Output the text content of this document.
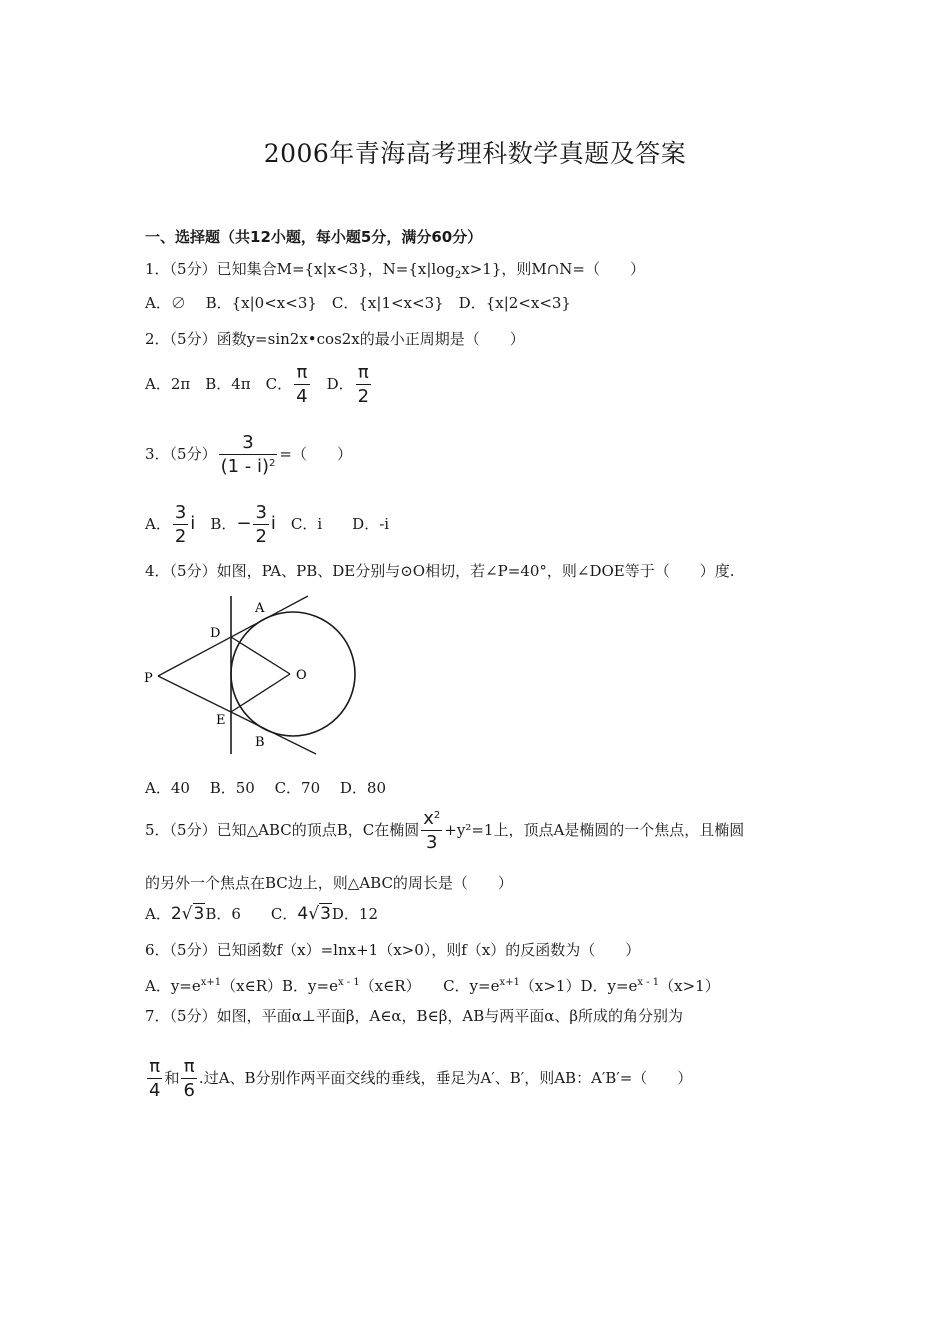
2006年青海高考理科数学真题及答案
一、选择题（共12小题，每小题5分，满分60分）
1．（5分）已知集合M={x|x<3}，$N=\{x|\log_2x>1\}$，则M∩N=（　　）
A．∅　 B．{x|0<x<3}　C．{x|1<x<3}　D．{x|2<x<3}
2．（5分）函数y=sin2x•cos2x的最小正周期是（　　）
A．2π　B．4π　C． $\frac{\pi}{4}$ 　D． $\frac{\pi}{2}$
3．（5分） $\frac{3}{(1 - i)^2}$ =（　　）
A． $\frac{3}{2}$ i　B．− $\frac{3}{2}$ i　C．i　　D．-i
4．（5分）如图，PA、PB、DE分别与⊙O相切，若∠P=40°，则∠DOE等于（　　）度.
A
D
P	O
E
B
A．40　 B．50　 C．70　 D．80
5．（5分）已知△ABC的顶点B，C在椭圆 $\frac{x^2}{3} +y^2=1$上，顶点A是椭圆的一个焦点，且椭圆
的另外一个焦点在BC边上，则△ABC的周长是（　　）
A．2√3B．6　　C．4√3D．12
6．（5分）已知函数f（x）=lnx+1（x>0），则f（x）的反函数为（　　）
A．$y=e^{x+1}(x\in R)B$．$y=e^{x - 1}(x\in R)$　　C．$y=e^{x+1}(x>1)D$．$y=e^{x - 1}(x>1)$
7．（5分）如图，平面α⊥平面β，A∈α，B∈β，AB与两平面α、β所成的角分别为
$\frac{\pi}{4}$ 和 $\frac{\pi}{6}$ .过A、B分别作两平面交线的垂线，垂足为A′、B′，则AB：A′B′=（　　）
